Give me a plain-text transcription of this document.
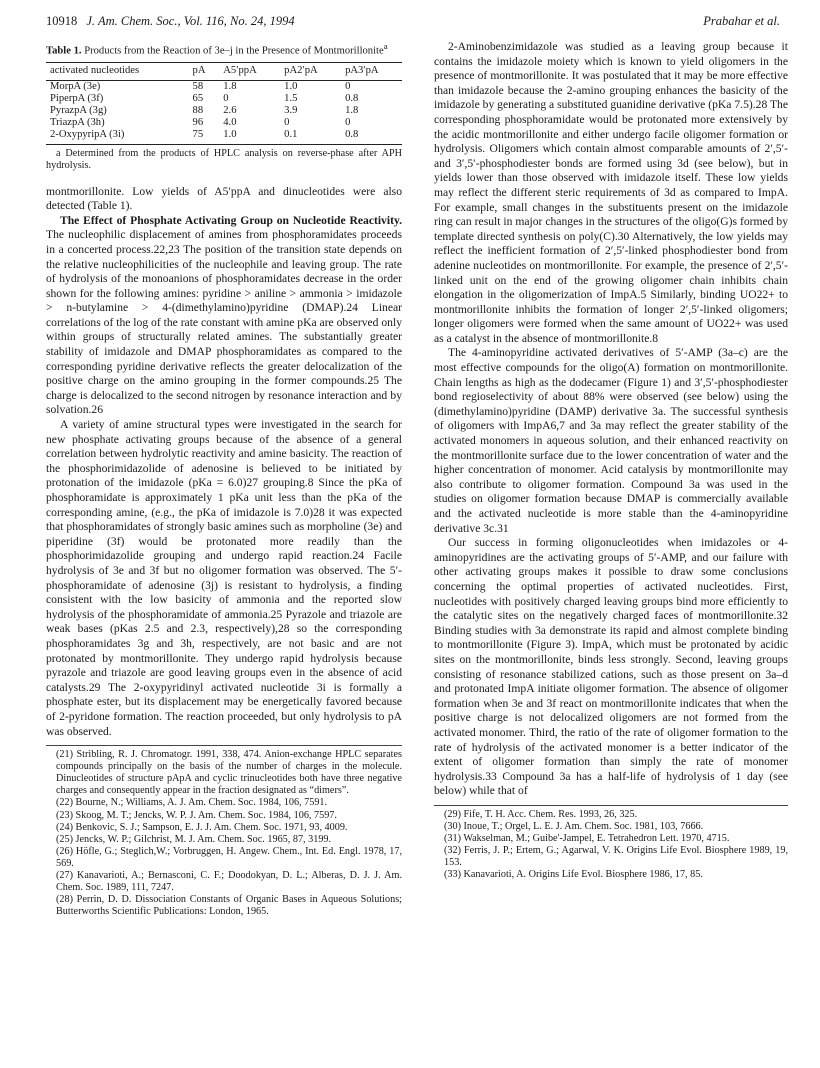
10918 J. Am. Chem. Soc., Vol. 116, No. 24, 1994	Prabahar et al.
Table 1. Products from the Reaction of 3e–j in the Presence of Montmorillonite$^a$
activated nucleotides	pA	A5′ppA	pA2′pA	pA3′pA
MorpA (3e)	58	1.8	1.0	0
PiperpA (3f)	65	0	1.5	0.8
PyrazpA (3g)	88	2.6	3.9	1.8
TriazpA (3h)	96	4.0	0	0
2-OxypyripA (3i)	75	1.0	0.1	0.8
a Determined from the products of HPLC analysis on reverse-phase after APH hydrolysis.

montmorillonite. Low yields of A5′ppA and dinucleotides were also detected (Table 1).

The Effect of Phosphate Activating Group on Nucleotide Reactivity. The nucleophilic displacement of amines from phosphoramidates proceeds in a concerted process.22,23 The position of the transition state depends on the relative nucleophilicities of the nucleophile and leaving group. The rate of hydrolysis of the monoanions of phosphoramidates decrease in the order shown for the following amines: pyridine > aniline > ammonia > imidazole > n-butylamine > 4-(dimethylamino)pyridine (DMAP).24 Linear correlations of the log of the rate constant with amine pKa are observed only within groups of structurally related amines. The substantially greater stability of imidazole and DMAP phosphoramidates as compared to the corresponding pyridine derivative reflects the greater delocalization of the positive charge on the amino grouping in the former compounds.25 The charge is delocalized to the second nitrogen by resonance interaction and by solvation.26

A variety of amine structural types were investigated in the search for new phosphate activating groups because of the absence of a general correlation between hydrolytic reactivity and amine basicity. The reaction of the phosphorimidazolide of adenosine is believed to be initiated by protonation of the imidazole (pKa = 6.0)27 grouping.8 Since the pKa of phosphoramidate is approximately 1 pKa unit less than the pKa of the corresponding amine, (e.g., the pKa of imidazole is 7.0)28 it was expected that phosphoramidates of strongly basic amines such as morpholine (3e) and piperidine (3f) would be protonated more readily than the phosphorimidazolide grouping and undergo rapid reaction.24 Facile hydrolysis of 3e and 3f but no oligomer formation was observed. The 5′-phosphoramidate of adenosine (3j) is resistant to hydrolysis, a finding consistent with the low basicity of ammonia and the reported slow hydrolysis of the phosphoramidate of ammonia.25 Pyrazole and triazole are weak bases (pKas 2.5 and 2.3, respectively),28 so the corresponding phosphoramidates 3g and 3h, respectively, are not basic and are not protonated by montmorillonite. They undergo rapid hydrolysis because pyrazole and triazole are good leaving groups even in the absence of acid catalysts.29 The 2-oxypyridinyl activated nucleotide 3i is formally a phosphate ester, but its displacement may be energetically favored because of 2-pyridone formation. The reaction proceeded, but only hydrolysis to pA was observed.

(21) Stribling, R. J. Chromatogr. 1991, 338, 474. Anion-exchange HPLC separates compounds principally on the basis of the number of charges in the molecule. Dinucleotides of structure pApA and cyclic trinucleotides both have three negative charges and consequently appear in the fraction designated as “dimers”.
(22) Bourne, N.; Williams, A. J. Am. Chem. Soc. 1984, 106, 7591.
(23) Skoog, M. T.; Jencks, W. P. J. Am. Chem. Soc. 1984, 106, 7597.
(24) Benkovic, S. J.; Sampson, E. J. J. Am. Chem. Soc. 1971, 93, 4009.
(25) Jencks, W. P.; Gilchrist, M. J. Am. Chem. Soc. 1965, 87, 3199.
(26) Höfle, G.; Steglich,W.; Vorbruggen, H. Angew. Chem., Int. Ed. Engl. 1978, 17, 569.
(27) Kanavarioti, A.; Bernasconi, C. F.; Doodokyan, D. L.; Alberas, D. J. J. Am. Chem. Soc. 1989, 111, 7247.
(28) Perrin, D. D. Dissociation Constants of Organic Bases in Aqueous Solutions; Butterworths Scientific Publications: London, 1965.

2-Aminobenzimidazole was studied as a leaving group because it contains the imidazole moiety which is known to yield oligomers in the presence of montmorillonite. It was postulated that it may be more effective than imidazole because the 2-amino grouping enhances the basicity of the imidazole by generating a substituted guanidine derivative (pKa 7.5).28 The corresponding phosphoramidate would be protonated more extensively by the acidic montmorillonite and either undergo facile oligomer formation or hydrolysis. Oligomers which contain almost comparable amounts of 2′,5′- and 3′,5′-phosphodiester bonds are formed using 3d (see below), but in yields lower than those observed with imidazole itself. These low yields may reflect the different steric requirements of 3d as compared to ImpA. For example, small changes in the substituents present on the imidazole ring can result in major changes in the structures of the oligo(G)s formed by template directed synthesis on poly(C).30 Alternatively, the low yields may reflect the inefficient formation of 2′,5′-linked phosphodiester bond from adenine nucleotides on montmorillonite. For example, the presence of 2′,5′-linked unit on the end of the growing oligomer chain inhibits chain elongation in the oligomerization of ImpA.5 Similarly, binding UO22+ to montmorillonite inhibits the formation of longer 2′,5′-linked oligomers; longer oligomers were formed when the same amount of UO22+ was used as a catalyst in the absence of montmorillonite.8

The 4-aminopyridine activated derivatives of 5′-AMP (3a–c) are the most effective compounds for the oligo(A) formation on montmorillonite. Chain lengths as high as the dodecamer (Figure 1) and 3′,5′-phosphodiester bond regioselectivity of about 88% were observed (see below) using the (dimethylamino)pyridine (DAMP) derivative 3a. The successful synthesis of oligomers with ImpA6,7 and 3a may reflect the greater stability of the activated monomers in aqueous solution, and their enhanced reactivity on the montmorillonite surface due to the lower concentration of water and the higher concentration of monomer. Acid catalysis by montmorillonite may also contribute to oligomer formation. Compound 3a was used in the studies on oligomer formation because DMAP is commercially available and the activated nucleotide is more stable than the 4-aminopyridine derivative 3c.31

Our success in forming oligonucleotides when imidazoles or 4-aminopyridines are the activating groups of 5′-AMP, and our failure with other activating groups makes it possible to draw some conclusions concerning the optimal properties of activated nucleotides. First, nucleotides with positively charged leaving groups bind more efficiently to the catalytic sites on the negatively charged faces of montmorillonite.32 Binding studies with 3a demonstrate its rapid and almost complete binding to montmorillonite (Figure 3). ImpA, which must be protonated by acidic sites on the montmorillonite, binds less strongly. Second, leaving groups consisting of resonance stabilized cations, such as those present on 3a–d and protonated ImpA initiate oligomer formation. The absence of oligomer formation when 3e and 3f react on montmorillonite indicates that when the positive charge is not delocalized oligomers are not formed from the activated monomer. Third, the ratio of the rate of oligomer formation to the rate of hydrolysis of the activated monomer is a better indicator of the extent of oligomer formation than simply the rate of monomer hydrolysis.33 Compound 3a has a half-life of hydrolysis of 1 day (see below) while that of

(29) Fife, T. H. Acc. Chem. Res. 1993, 26, 325.
(30) Inoue, T.; Orgel, L. E. J. Am. Chem. Soc. 1981, 103, 7666.
(31) Wakselman, M.; Guibe'-Jampel, E. Tetrahedron Lett. 1970, 4715.
(32) Ferris, J. P.; Ertem, G.; Agarwal, V. K. Origins Life Evol. Biosphere 1989, 19, 153.
(33) Kanavarioti, A. Origins Life Evol. Biosphere 1986, 17, 85.
